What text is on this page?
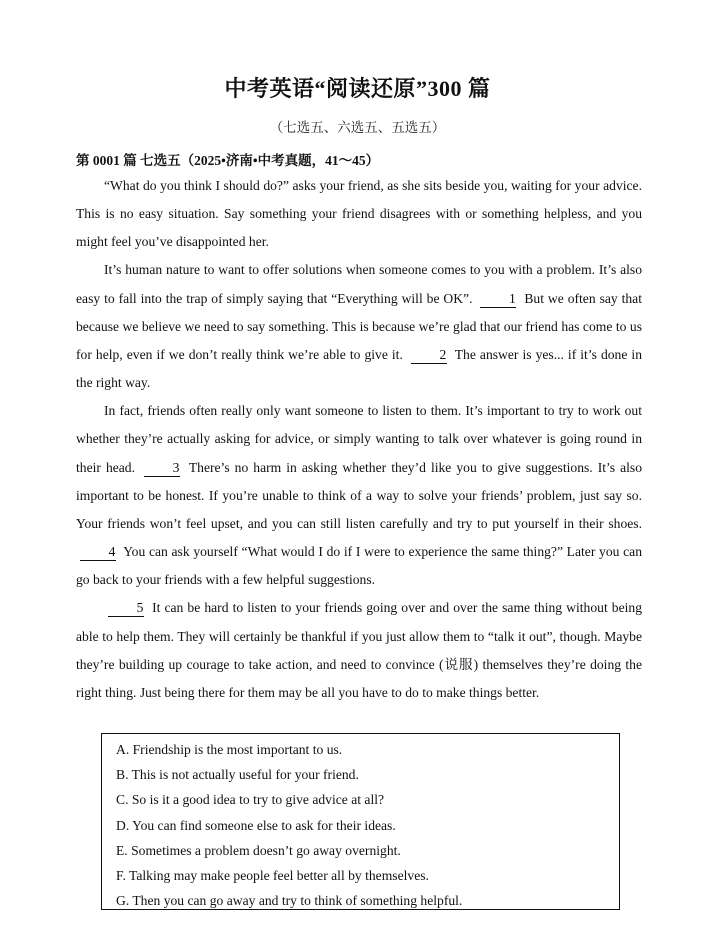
中考英语“阅读还原”300 篇
（七选五、六选五、五选五）
第 0001 篇 七选五（2025•济南•中考真题，41～45）

“What do you think I should do?” asks your friend, as she sits beside you, waiting for your advice. This is no easy situation. Say something your friend disagrees with or something helpless, and you might feel you’ve disappointed her.

It’s human nature to want to offer solutions when someone comes to you with a problem. It’s also easy to fall into the trap of simply saying that “Everything will be OK”.	1 But we often say that because we believe we need to say something. This is because we’re glad that our friend has come to us for help, even if we don’t really think we’re able to give it.	2 The answer is yes... if it’s done in the right way.

In fact, friends often really only want someone to listen to them. It’s important to try to work out whether they’re actually asking for advice, or simply wanting to talk over whatever is going round in their head.	3 There’s no harm in asking whether they’d like you to give suggestions. It’s also important to be honest. If you’re unable to think of a way to solve your friends’ problem, just say so. Your friends won’t feel upset, and you can still listen carefully and try to put yourself in their shoes. 4 You can ask yourself “What would I do if I were to experience the same thing?” Later you can go back to your friends with a few helpful suggestions.

5 It can be hard to listen to your friends going over and over the same thing without being able to help them. They will certainly be thankful if you just allow them to “talk it out”, though. Maybe they’re building up courage to take action, and need to convince (说服) themselves they’re doing the right thing. Just being there for them may be all you have to do to make things better.

A. Friendship is the most important to us.
B. This is not actually useful for your friend.
C. So is it a good idea to try to give advice at all?
D. You can find someone else to ask for their ideas.
E. Sometimes a problem doesn’t go away overnight.
F. Talking may make people feel better all by themselves.
G. Then you can go away and try to think of something helpful.
